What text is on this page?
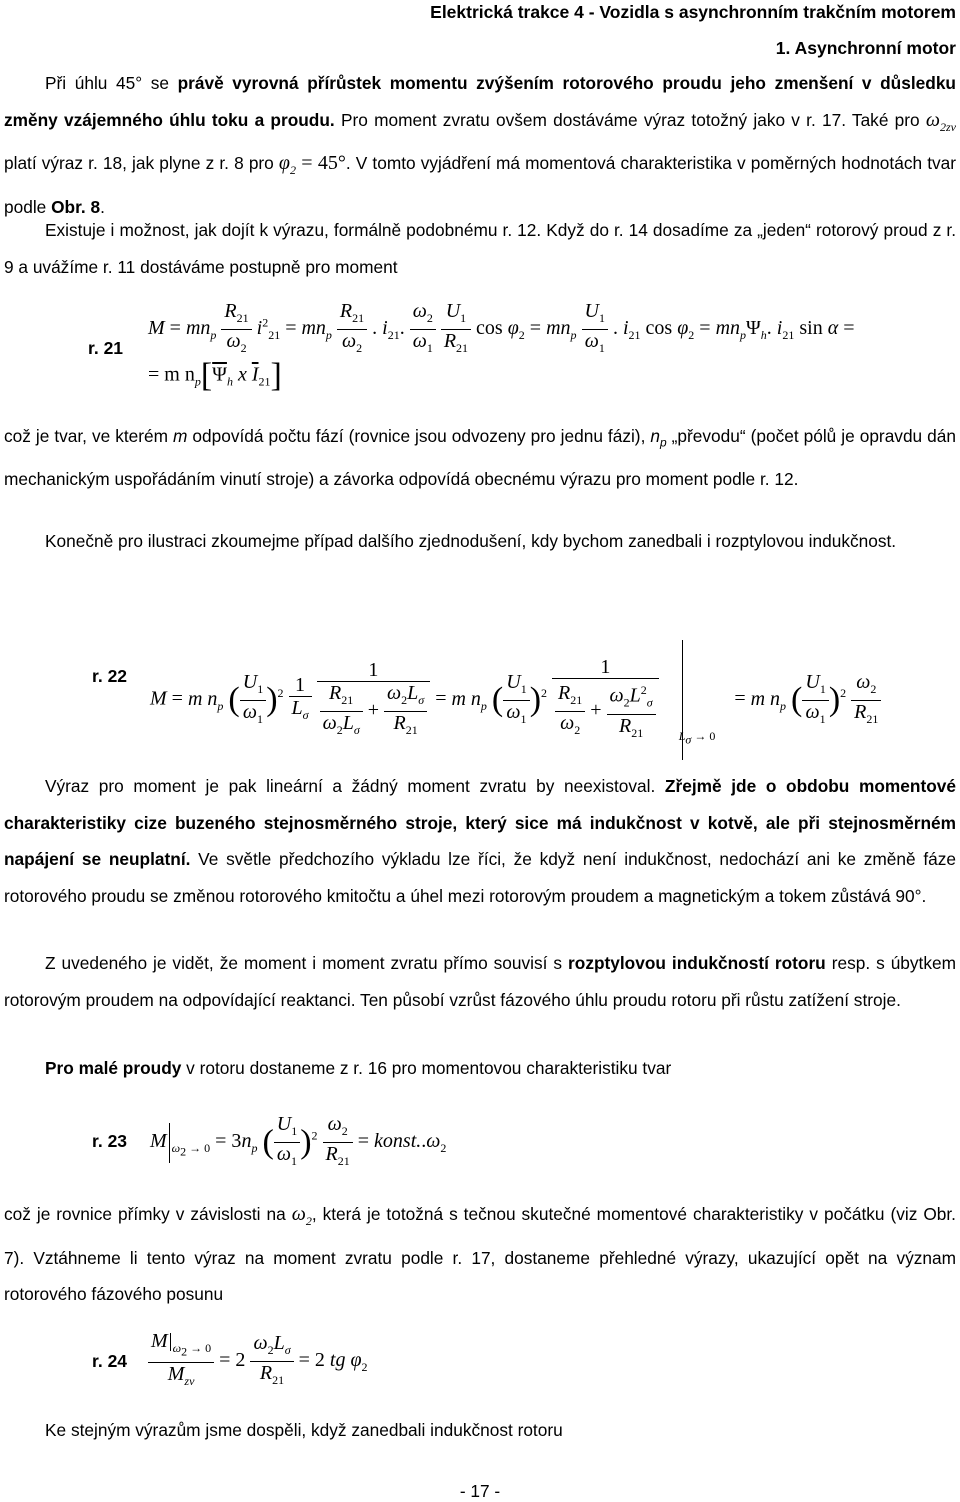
Elektrická trakce 4 - Vozidla s asynchronním trakčním motorem
1. Asynchronní motor
Při úhlu 45° se právě vyrovná přírůstek momentu zvýšením rotorového proudu jeho zmenšení v důsledku změny vzájemného úhlu toku a proudu. Pro moment zvratu ovšem dostáváme výraz totožný jako v r. 17. Také pro $\omega_{2zv}$ platí výraz r. 18, jak plyne z r. 8 pro $\varphi_2 = 45^\circ$. V tomto vyjádření má momentová charakteristika v poměrných hodnotách tvar podle Obr. 8.
Existuje i možnost, jak dojít k výrazu, formálně podobnému r. 12. Když do r. 14 dosadíme za „jeden“ rotorový proud z r. 9 a uvážíme r. 11 dostáváme postupně pro moment
r. 21
$M = mn_p \frac{R_{21}}{\omega_2} i^2_{21} = mn_p \frac{R_{21}}{\omega_2}$ . $i_{21}$. $\frac{\omega_2}{\omega_1}$
$\frac{U_1}{R_{21}}$ $\cos \varphi_2 = mn_p \frac{U_1}{\omega_1}$ . $i_{21}$ $\cos \varphi_2 = mn_p\Psi_h$. $i_{21}$ sin α =
= m $n_p[\overline{\Psi}_h$ x $\overline{I}_{21}$]
což je tvar, ve kterém m odpovídá počtu fází (rovnice jsou odvozeny pro jednu fázi), $n_p$ „převodu“ (počet pólů je opravdu dán mechanickým uspořádáním vinutí stroje) a závorka odpovídá obecnému výrazu pro moment podle r. 12.
Konečně pro ilustraci zkoumejme případ dalšího zjednodušení, kdy bychom zanedbali i rozptylovou indukčnost.
r. 22
M = m $n_p$ ( $\frac{U_1}{\omega_1} )^2 \frac{1}{L_\sigma}$
$\frac{1}{\frac{R_{21}}{\omega_2L_\sigma} + \frac{\omega_2L_\sigma}{R_{21}}} = m$ $n_p$ ( $\frac{U_1}{\omega_1} )^2 \frac{1}{\frac{R_{21}}{\omega_2} + \frac{\omega_2L^2_\sigma}{R_{21}}} _{L_\sigma \to 0} = m$ $n_p$ ( $\frac{U_1}{\omega_1} )^2 \frac{\omega_2}{R_{21}}$
Výraz pro moment je pak lineární a žádný moment zvratu by neexistoval. Zřejmě jde o obdobu momentové charakteristiky cize buzeného stejnosměrného stroje, který sice má indukčnost v kotvě, ale při stejnosměrném napájení se neuplatní. Ve světle předchozího výkladu lze říci, že když není indukčnost, nedochází ani ke změně fáze rotorového proudu se změnou rotorového kmitočtu a úhel mezi rotorovým proudem a magnetickým a tokem zůstává 90°.
Z uvedeného je vidět, že moment i moment zvratu přímo souvisí s rozptylovou indukčností rotoru resp. s úbytkem rotorovým proudem na odpovídající reaktanci. Ten působí vzrůst fázového úhlu proudu rotoru při růstu zatížení stroje.
Pro malé proudy v rotoru dostaneme z r. 16 pro momentovou charakteristiku tvar
r. 23 M $_{\omega_2 \to 0} = 3n_p$ ( $\frac{U_1}{\omega_1} )^2 \frac{\omega_2}{R_{21}}$ = $konst..\omega_2$
což je rovnice přímky v závislosti na $\omega_2$, která je totožná s tečnou skutečné momentové charakteristiky v počátku (viz Obr. 7). Vztáhneme li tento výraz na moment zvratu podle r. 17, dostaneme přehledné výrazy, ukazující opět na význam rotorového fázového posunu
r. $24 \frac{M _{\omega_2 \to 0}}{M_{zv}} = 2 \frac{\omega_2L_\sigma}{R_{21}} = 2$ tg $\varphi_2$
Ke stejným výrazům jsme dospěli, když zanedbali indukčnost rotoru
- 17 -
